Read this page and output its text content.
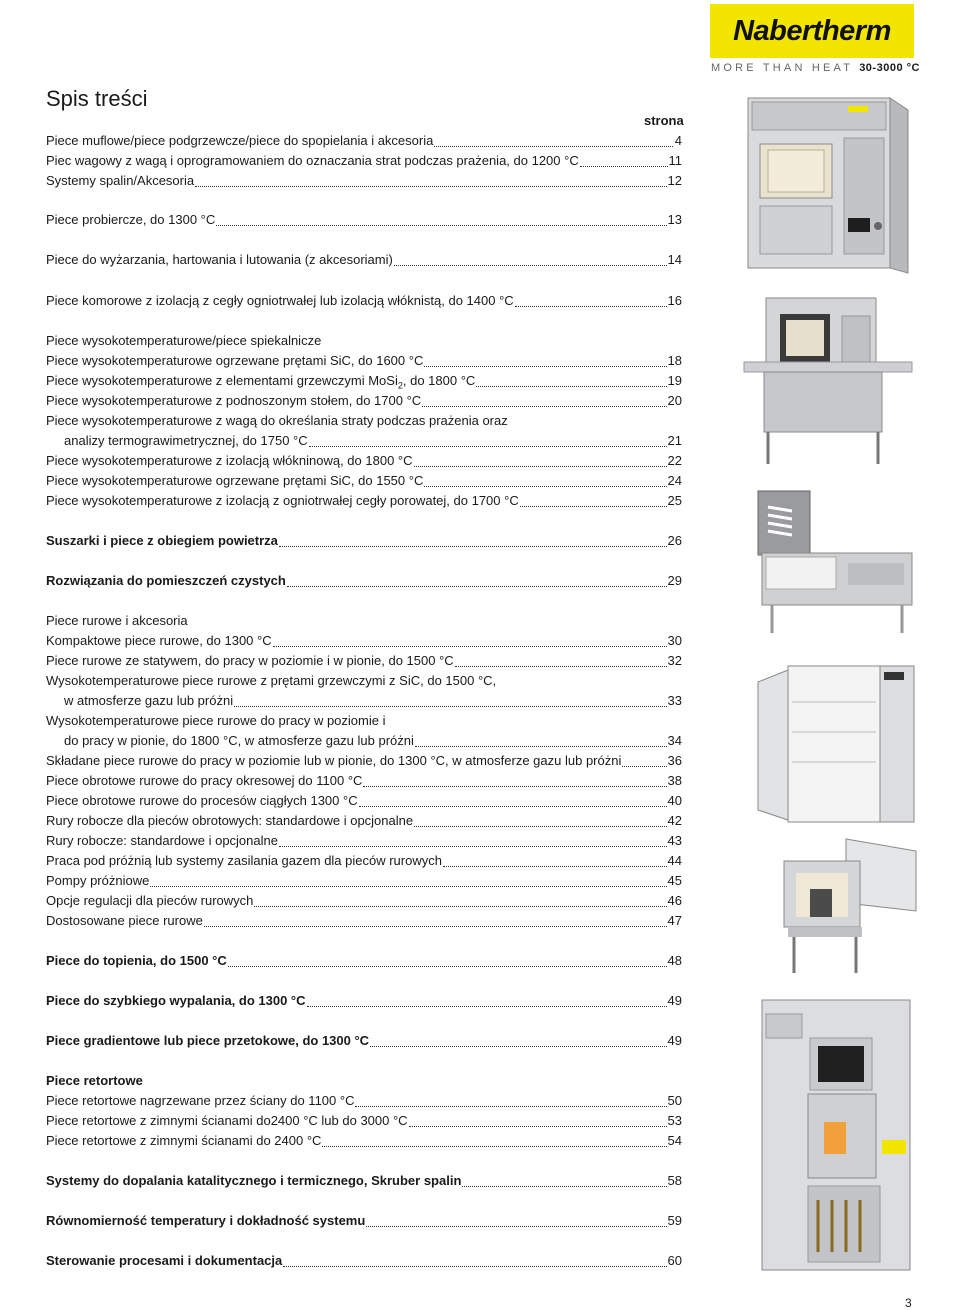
Nabertherm
MORE THAN HEAT 30-3000 °C
Spis treści
strona
Piece muflowe/piece podgrzewcze/piece do spopielania i akcesoria	4
Piec wagowy z wagą i oprogramowaniem do oznaczania strat podczas prażenia, do 1200 °C	11
Systemy spalin/Akcesoria	12
Piece probiercze, do 1300 °C	13
Piece do wyżarzania, hartowania i lutowania (z akcesoriami)	14
Piece komorowe z izolacją z cegły ogniotrwałej lub izolacją włóknistą, do 1400 °C	16
Piece wysokotemperaturowe/piece spiekalnicze
Piece wysokotemperaturowe ogrzewane prętami SiC, do 1600 °C	18
Piece wysokotemperaturowe z elementami grzewczymi MoSi$_2$, do 1800 °C	19
Piece wysokotemperaturowe z podnoszonym stołem, do 1700 °C	20
Piece wysokotemperaturowe z wagą do określania straty podczas prażenia oraz
analizy termograwimetrycznej, do 1750 °C	21
Piece wysokotemperaturowe z izolacją włókninową, do 1800 °C	22
Piece wysokotemperaturowe ogrzewane prętami SiC, do 1550 °C	24
Piece wysokotemperaturowe z izolacją z ogniotrwałej cegły porowatej, do 1700 °C	25
Suszarki i piece z obiegiem powietrza	26
Rozwiązania do pomieszczeń czystych	29
Piece rurowe i akcesoria
Kompaktowe piece rurowe, do 1300 °C	30
Piece rurowe ze statywem, do pracy w poziomie i w pionie, do 1500 °C	32
Wysokotemperaturowe piece rurowe z prętami grzewczymi z SiC, do 1500 °C,
w atmosferze gazu lub próżni	33
Wysokotemperaturowe piece rurowe do pracy w poziomie i
do pracy w pionie, do 1800 °C, w atmosferze gazu lub próżni	34
Składane piece rurowe do pracy w poziomie lub w pionie, do 1300 °C, w atmosferze gazu lub próżni	36
Piece obrotowe rurowe do pracy okresowej do 1100 °C	38
Piece obrotowe rurowe do procesów ciągłych 1300 °C	40
Rury robocze dla pieców obrotowych: standardowe i opcjonalne	42
Rury robocze: standardowe i opcjonalne	43
Praca pod próżnią lub systemy zasilania gazem dla pieców rurowych	44
Pompy próżniowe	45
Opcje regulacji dla pieców rurowych	46
Dostosowane piece rurowe	47
Piece do topienia, do 1500 °C	48
Piece do szybkiego wypalania, do 1300 °C	49
Piece gradientowe lub piece przetokowe, do 1300 °C	49
Piece retortowe
Piece retortowe nagrzewane przez ściany do 1100 °C	50
Piece retortowe z zimnymi ścianami do2400 °C lub do 3000 °C	53
Piece retortowe z zimnymi ścianami do 2400 °C	54
Systemy do dopalania katalitycznego i termicznego, Skruber spalin	58
Równomierność temperatury i dokładność systemu	59
Sterowanie procesami i dokumentacja	60
3
